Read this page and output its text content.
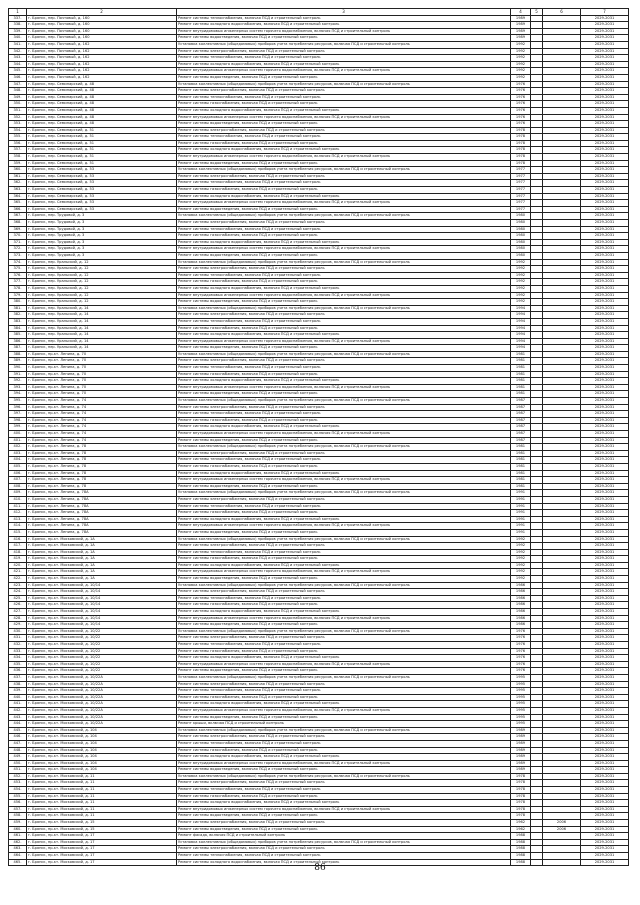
1	2	3	4	5	6	7
337.	г. Брянск, пер. Почтовый, д. 160	Ремонт системы теплоснабжения, включая ПСД и строительный контроль	1989			2029-2031
338.	г. Брянск, пер. Почтовый, д. 160	Ремонт системы холодного водоснабжения, включая ПСД и строительный контроль	1989			2029-2031
339.	г. Брянск, пер. Почтовый, д. 160	Ремонт внутридомовых инженерных систем горячего водоснабжения, включая ПСД и строительный контроль	1989			2029-2031
340.	г. Брянск, пер. Почтовый, д. 160	Ремонт системы водоотведения, включая ПСД и строительный контроль	1989			2029-2031
341.	г. Брянск, пер. Почтовый, д. 162	Установка коллективных (общедомовых) приборов учета потребления ресурсов, включая ПСД и строительный контроль	1992			2029-2031
342.	г. Брянск, пер. Почтовый, д. 162	Ремонт системы электроснабжения, включая ПСД и строительный контроль	1992			2029-2031
343.	г. Брянск, пер. Почтовый, д. 162	Ремонт системы теплоснабжения, включая ПСД и строительный контроль	1992			2029-2031
344.	г. Брянск, пер. Почтовый, д. 162	Ремонт системы холодного водоснабжения, включая ПСД и строительный контроль	1992			2029-2031
345.	г. Брянск, пер. Почтовый, д. 162	Ремонт внутридомовых инженерных систем горячего водоснабжения, включая ПСД и строительный контроль	1992			2029-2031
346.	г. Брянск, пер. Почтовый, д. 162	Ремонт системы водоотведения, включая ПСД и строительный контроль	1992			2029-2031
347.	г. Брянск, пер. Семинарский, д. 48	Установка коллективных (общедомовых) приборов учета потребления ресурсов, включая ПСД и строительный контроль	1976			2029-2031
348.	г. Брянск, пер. Семинарский, д. 48	Ремонт системы электроснабжения, включая ПСД и строительный контроль	1976			2029-2031
349.	г. Брянск, пер. Семинарский, д. 48	Ремонт системы теплоснабжения, включая ПСД и строительный контроль	1976			2029-2031
350.	г. Брянск, пер. Семинарский, д. 48	Ремонт системы газоснабжения, включая ПСД и строительный контроль	1976			2029-2031
351.	г. Брянск, пер. Семинарский, д. 48	Ремонт системы холодного водоснабжения, включая ПСД и строительный контроль	1976			2029-2031
352.	г. Брянск, пер. Семинарский, д. 48	Ремонт внутридомовых инженерных систем горячего водоснабжения, включая ПСД и строительный контроль	1976			2029-2031
353.	г. Брянск, пер. Семинарский, д. 48	Ремонт системы водоотведения, включая ПСД и строительный контроль	1976			2029-2031
354.	г. Брянск, пер. Семинарский, д. 51	Ремонт системы электроснабжения, включая ПСД и строительный контроль	1978			2029-2031
355.	г. Брянск, пер. Семинарский, д. 51	Ремонт системы теплоснабжения, включая ПСД и строительный контроль	1978			2029-2031
356.	г. Брянск, пер. Семинарский, д. 51	Ремонт системы газоснабжения, включая ПСД и строительный контроль	1978			2029-2031
357.	г. Брянск, пер. Семинарский, д. 51	Ремонт системы холодного водоснабжения, включая ПСД и строительный контроль	1978			2029-2031
358.	г. Брянск, пер. Семинарский, д. 51	Ремонт внутридомовых инженерных систем горячего водоснабжения, включая ПСД и строительный контроль	1978			2029-2031
359.	г. Брянск, пер. Семинарский, д. 51	Ремонт системы водоотведения, включая ПСД и строительный контроль	1978			2029-2031
360.	г. Брянск, пер. Семинарский, д. 53	Установка коллективных (общедомовых) приборов учета потребления ресурсов, включая ПСД и строительный контроль	1977			2029-2031
361.	г. Брянск, пер. Семинарский, д. 53	Ремонт системы электроснабжения, включая ПСД и строительный контроль	1977			2029-2031
362.	г. Брянск, пер. Семинарский, д. 53	Ремонт системы теплоснабжения, включая ПСД и строительный контроль	1977			2029-2031
363.	г. Брянск, пер. Семинарский, д. 53	Ремонт системы газоснабжения, включая ПСД и строительный контроль	1977			2029-2031
364.	г. Брянск, пер. Семинарский, д. 53	Ремонт системы холодного водоснабжения, включая ПСД и строительный контроль	1977			2029-2031
365.	г. Брянск, пер. Семинарский, д. 53	Ремонт внутридомовых инженерных систем горячего водоснабжения, включая ПСД и строительный контроль	1977			2029-2031
366.	г. Брянск, пер. Семинарский, д. 53	Ремонт системы водоотведения, включая ПСД и строительный контроль	1977			2029-2031
367.	г. Брянск, пер. Трудовой, д. 3	Установка коллективных (общедомовых) приборов учета потребления ресурсов, включая ПСД и строительный контроль	1980			2029-2031
368.	г. Брянск, пер. Трудовой, д. 3	Ремонт системы электроснабжения, включая ПСД и строительный контроль	1980			2029-2031
369.	г. Брянск, пер. Трудовой, д. 3	Ремонт системы теплоснабжения, включая ПСД и строительный контроль	1980			2029-2031
370.	г. Брянск, пер. Трудовой, д. 3	Ремонт системы газоснабжения, включая ПСД и строительный контроль	1980			2029-2031
371.	г. Брянск, пер. Трудовой, д. 3	Ремонт системы холодного водоснабжения, включая ПСД и строительный контроль	1980			2029-2031
372.	г. Брянск, пер. Трудовой, д. 3	Ремонт внутридомовых инженерных систем горячего водоснабжения, включая ПСД и строительный контроль	1980			2029-2031
373.	г. Брянск, пер. Трудовой, д. 3	Ремонт системы водоотведения, включая ПСД и строительный контроль	1980			2029-2031
374.	г. Брянск, пер. Уральский, д. 12	Установка коллективных (общедомовых) приборов учета потребления ресурсов, включая ПСД и строительный контроль	1992			2029-2031
375.	г. Брянск, пер. Уральский, д. 12	Ремонт системы электроснабжения, включая ПСД и строительный контроль	1992			2029-2031
376.	г. Брянск, пер. Уральский, д. 12	Ремонт системы теплоснабжения, включая ПСД и строительный контроль	1992			2029-2031
377.	г. Брянск, пер. Уральский, д. 12	Ремонт системы газоснабжения, включая ПСД и строительный контроль	1992			2029-2031
378.	г. Брянск, пер. Уральский, д. 12	Ремонт системы холодного водоснабжения, включая ПСД и строительный контроль	1992			2029-2031
379.	г. Брянск, пер. Уральский, д. 12	Ремонт внутридомовых инженерных систем горячего водоснабжения, включая ПСД и строительный контроль	1992			2029-2031
380.	г. Брянск, пер. Уральский, д. 12	Ремонт системы водоотведения, включая ПСД и строительный контроль	1992			2029-2031
381.	г. Брянск, пер. Уральский, д. 14	Установка коллективных (общедомовых) приборов учета потребления ресурсов, включая ПСД и строительный контроль	1994			2029-2031
382.	г. Брянск, пер. Уральский, д. 14	Ремонт системы электроснабжения, включая ПСД и строительный контроль	1994			2029-2031
383.	г. Брянск, пер. Уральский, д. 14	Ремонт системы теплоснабжения, включая ПСД и строительный контроль	1994			2029-2031
384.	г. Брянск, пер. Уральский, д. 14	Ремонт системы газоснабжения, включая ПСД и строительный контроль	1994			2029-2031
385.	г. Брянск, пер. Уральский, д. 14	Ремонт системы холодного водоснабжения, включая ПСД и строительный контроль	1994			2029-2031
386.	г. Брянск, пер. Уральский, д. 14	Ремонт внутридомовых инженерных систем горячего водоснабжения, включая ПСД и строительный контроль	1994			2029-2031
387.	г. Брянск, пер. Уральский, д. 14	Ремонт системы водоотведения, включая ПСД и строительный контроль	1994			2029-2031
388.	г. Брянск, пр-кт. Ленина, д. 70	Установка коллективных (общедомовых) приборов учета потребления ресурсов, включая ПСД и строительный контроль	1981			2029-2031
389.	г. Брянск, пр-кт. Ленина, д. 70	Ремонт системы электроснабжения, включая ПСД и строительный контроль	1981			2029-2031
390.	г. Брянск, пр-кт. Ленина, д. 70	Ремонт системы теплоснабжения, включая ПСД и строительный контроль	1981			2029-2031
391.	г. Брянск, пр-кт. Ленина, д. 70	Ремонт системы газоснабжения, включая ПСД и строительный контроль	1981			2029-2031
392.	г. Брянск, пр-кт. Ленина, д. 70	Ремонт системы холодного водоснабжения, включая ПСД и строительный контроль	1981			2029-2031
393.	г. Брянск, пр-кт. Ленина, д. 70	Ремонт внутридомовых инженерных систем горячего водоснабжения, включая ПСД и строительный контроль	1981			2029-2031
394.	г. Брянск, пр-кт. Ленина, д. 70	Ремонт системы водоотведения, включая ПСД и строительный контроль	1981			2029-2031
395.	г. Брянск, пр-кт. Ленина, д. 74	Установка коллективных (общедомовых) приборов учета потребления ресурсов, включая ПСД и строительный контроль	1987			2029-2031
396.	г. Брянск, пр-кт. Ленина, д. 74	Ремонт системы электроснабжения, включая ПСД и строительный контроль	1987			2029-2031
397.	г. Брянск, пр-кт. Ленина, д. 74	Ремонт системы теплоснабжения, включая ПСД и строительный контроль	1987			2029-2031
398.	г. Брянск, пр-кт. Ленина, д. 74	Ремонт системы газоснабжения, включая ПСД и строительный контроль	1987			2029-2031
399.	г. Брянск, пр-кт. Ленина, д. 74	Ремонт системы холодного водоснабжения, включая ПСД и строительный контроль	1987			2029-2031
400.	г. Брянск, пр-кт. Ленина, д. 74	Ремонт внутридомовых инженерных систем горячего водоснабжения, включая ПСД и строительный контроль	1987			2029-2031
401.	г. Брянск, пр-кт. Ленина, д. 74	Ремонт системы водоотведения, включая ПСД и строительный контроль	1987			2029-2031
402.	г. Брянск, пр-кт. Ленина, д. 78	Установка коллективных (общедомовых) приборов учета потребления ресурсов, включая ПСД и строительный контроль	1981			2029-2031
403.	г. Брянск, пр-кт. Ленина, д. 78	Ремонт системы электроснабжения, включая ПСД и строительный контроль	1981			2029-2031
404.	г. Брянск, пр-кт. Ленина, д. 78	Ремонт системы теплоснабжения, включая ПСД и строительный контроль	1981			2029-2031
405.	г. Брянск, пр-кт. Ленина, д. 78	Ремонт системы газоснабжения, включая ПСД и строительный контроль	1981			2029-2031
406.	г. Брянск, пр-кт. Ленина, д. 78	Ремонт системы холодного водоснабжения, включая ПСД и строительный контроль	1981			2029-2031
407.	г. Брянск, пр-кт. Ленина, д. 78	Ремонт внутридомовых инженерных систем горячего водоснабжения, включая ПСД и строительный контроль	1981			2029-2031
408.	г. Брянск, пр-кт. Ленина, д. 78	Ремонт системы водоотведения, включая ПСД и строительный контроль	1981			2029-2031
409.	г. Брянск, пр-кт. Ленина, д. 78А	Установка коллективных (общедомовых) приборов учета потребления ресурсов, включая ПСД и строительный контроль	1991			2029-2031
410.	г. Брянск, пр-кт. Ленина, д. 78А	Ремонт системы электроснабжения, включая ПСД и строительный контроль	1991			2029-2031
411.	г. Брянск, пр-кт. Ленина, д. 78А	Ремонт системы теплоснабжения, включая ПСД и строительный контроль	1991			2029-2031
412.	г. Брянск, пр-кт. Ленина, д. 78А	Ремонт системы газоснабжения, включая ПСД и строительный контроль	1991			2029-2031
413.	г. Брянск, пр-кт. Ленина, д. 78А	Ремонт системы холодного водоснабжения, включая ПСД и строительный контроль	1991			2029-2031
414.	г. Брянск, пр-кт. Ленина, д. 78А	Ремонт внутридомовых инженерных систем горячего водоснабжения, включая ПСД и строительный контроль	1991			2029-2031
415.	г. Брянск, пр-кт. Ленина, д. 78А	Ремонт системы водоотведения, включая ПСД и строительный контроль	1991			2029-2031
416.	г. Брянск, пр-кт. Московский, д. 1А	Установка коллективных (общедомовых) приборов учета потребления ресурсов, включая ПСД и строительный контроль	1992			2029-2031
417.	г. Брянск, пр-кт. Московский, д. 1А	Ремонт системы электроснабжения, включая ПСД и строительный контроль	1992			2029-2031
418.	г. Брянск, пр-кт. Московский, д. 1А	Ремонт системы теплоснабжения, включая ПСД и строительный контроль	1992			2029-2031
419.	г. Брянск, пр-кт. Московский, д. 1А	Ремонт системы газоснабжения, включая ПСД и строительный контроль	1992			2029-2031
420.	г. Брянск, пр-кт. Московский, д. 1А	Ремонт системы холодного водоснабжения, включая ПСД и строительный контроль	1992			2029-2031
421.	г. Брянск, пр-кт. Московский, д. 1А	Ремонт внутридомовых инженерных систем горячего водоснабжения, включая ПСД и строительный контроль	1992			2029-2031
422.	г. Брянск, пр-кт. Московский, д. 1А	Ремонт системы водоотведения, включая ПСД и строительный контроль	1992			2029-2031
423.	г. Брянск, пр-кт. Московский, д. 10/14	Установка коллективных (общедомовых) приборов учета потребления ресурсов, включая ПСД и строительный контроль	1986			2029-2031
424.	г. Брянск, пр-кт. Московский, д. 10/14	Ремонт системы электроснабжения, включая ПСД и строительный контроль	1986			2029-2031
425.	г. Брянск, пр-кт. Московский, д. 10/14	Ремонт системы теплоснабжения, включая ПСД и строительный контроль	1986			2029-2031
426.	г. Брянск, пр-кт. Московский, д. 10/14	Ремонт системы газоснабжения, включая ПСД и строительный контроль	1986			2029-2031
427.	г. Брянск, пр-кт. Московский, д. 10/14	Ремонт системы холодного водоснабжения, включая ПСД и строительный контроль	1986			2029-2031
428.	г. Брянск, пр-кт. Московский, д. 10/14	Ремонт внутридомовых инженерных систем горячего водоснабжения, включая ПСД и строительный контроль	1986			2029-2031
429.	г. Брянск, пр-кт. Московский, д. 10/14	Ремонт системы водоотведения, включая ПСД и строительный контроль	1986			2029-2031
430.	г. Брянск, пр-кт. Московский, д. 10/22	Установка коллективных (общедомовых) приборов учета потребления ресурсов, включая ПСД и строительный контроль	1976			2029-2031
431.	г. Брянск, пр-кт. Московский, д. 10/22	Ремонт системы электроснабжения, включая ПСД и строительный контроль	1976			2029-2031
432.	г. Брянск, пр-кт. Московский, д. 10/22	Ремонт системы теплоснабжения, включая ПСД и строительный контроль	1976			2029-2031
433.	г. Брянск, пр-кт. Московский, д. 10/22	Ремонт системы газоснабжения, включая ПСД и строительный контроль	1976			2029-2031
434.	г. Брянск, пр-кт. Московский, д. 10/22	Ремонт системы холодного водоснабжения, включая ПСД и строительный контроль	1976			2029-2031
435.	г. Брянск, пр-кт. Московский, д. 10/22	Ремонт внутридомовых инженерных систем горячего водоснабжения, включая ПСД и строительный контроль	1976			2029-2031
436.	г. Брянск, пр-кт. Московский, д. 10/22	Ремонт системы водоотведения, включая ПСД и строительный контроль	1976			2029-2031
437.	г. Брянск, пр-кт. Московский, д. 10/22А	Установка коллективных (общедомовых) приборов учета потребления ресурсов, включая ПСД и строительный контроль	1995			2029-2031
438.	г. Брянск, пр-кт. Московский, д. 10/22А	Ремонт системы электроснабжения, включая ПСД и строительный контроль	1995			2029-2031
439.	г. Брянск, пр-кт. Московский, д. 10/22А	Ремонт системы теплоснабжения, включая ПСД и строительный контроль	1995			2029-2031
440.	г. Брянск, пр-кт. Московский, д. 10/22А	Ремонт системы газоснабжения, включая ПСД и строительный контроль	1995			2029-2031
441.	г. Брянск, пр-кт. Московский, д. 10/22А	Ремонт системы холодного водоснабжения, включая ПСД и строительный контроль	1995			2029-2031
442.	г. Брянск, пр-кт. Московский, д. 10/22А	Ремонт внутридомовых инженерных систем горячего водоснабжения, включая ПСД и строительный контроль	1995			2029-2031
443.	г. Брянск, пр-кт. Московский, д. 10/22А	Ремонт системы водоотведения, включая ПСД и строительный контроль	1995			2029-2031
444.	г. Брянск, пр-кт. Московский, д. 10/22А	Ремонт крыши, включая ПСД и строительный контроль	1995			2029-2031
445.	г. Брянск, пр-кт. Московский, д. 104	Установка коллективных (общедомовых) приборов учета потребления ресурсов, включая ПСД и строительный контроль	1989			2029-2031
446.	г. Брянск, пр-кт. Московский, д. 104	Ремонт системы электроснабжения, включая ПСД и строительный контроль	1989			2029-2031
447.	г. Брянск, пр-кт. Московский, д. 104	Ремонт системы теплоснабжения, включая ПСД и строительный контроль	1989			2029-2031
448.	г. Брянск, пр-кт. Московский, д. 104	Ремонт системы газоснабжения, включая ПСД и строительный контроль	1989			2029-2031
449.	г. Брянск, пр-кт. Московский, д. 104	Ремонт системы холодного водоснабжения, включая ПСД и строительный контроль	1989			2029-2031
450.	г. Брянск, пр-кт. Московский, д. 104	Ремонт внутридомовых инженерных систем горячего водоснабжения, включая ПСД и строительный контроль	1989			2029-2031
451.	г. Брянск, пр-кт. Московский, д. 104	Ремонт системы водоотведения, включая ПСД и строительный контроль	1989			2029-2031
452.	г. Брянск, пр-кт. Московский, д. 11	Установка коллективных (общедомовых) приборов учета потребления ресурсов, включая ПСД и строительный контроль	1978			2029-2031
453.	г. Брянск, пр-кт. Московский, д. 11	Ремонт системы электроснабжения, включая ПСД и строительный контроль	1978			2029-2031
454.	г. Брянск, пр-кт. Московский, д. 11	Ремонт системы теплоснабжения, включая ПСД и строительный контроль	1978			2029-2031
455.	г. Брянск, пр-кт. Московский, д. 11	Ремонт системы газоснабжения, включая ПСД и строительный контроль	1978			2029-2031
456.	г. Брянск, пр-кт. Московский, д. 11	Ремонт системы холодного водоснабжения, включая ПСД и строительный контроль	1978			2029-2031
457.	г. Брянск, пр-кт. Московский, д. 11	Ремонт внутридомовых инженерных систем горячего водоснабжения, включая ПСД и строительный контроль	1978			2029-2031
458.	г. Брянск, пр-кт. Московский, д. 11	Ремонт системы водоотведения, включая ПСД и строительный контроль	1978			2029-2031
459.	г. Брянск, пр-кт. Московский, д. 15	Ремонт системы электроснабжения, включая ПСД и строительный контроль	1962		2006	2029-2031
460.	г. Брянск, пр-кт. Московский, д. 15	Ремонт системы водоотведения, включая ПСД и строительный контроль	1962		2006	2029-2031
461.	г. Брянск, пр-кт. Московский, д. 17	Ремонт фасада, включая ПСД и строительный контроль	1988			2029-2031
462.	г. Брянск, пр-кт. Московский, д. 17	Установка коллективных (общедомовых) приборов учета потребления ресурсов, включая ПСД и строительный контроль	1988			2029-2031
463.	г. Брянск, пр-кт. Московский, д. 17	Ремонт системы электроснабжения, включая ПСД и строительный контроль	1988			2029-2031
464.	г. Брянск, пр-кт. Московский, д. 17	Ремонт системы теплоснабжения, включая ПСД и строительный контроль	1988			2029-2031
465.	г. Брянск, пр-кт. Московский, д. 17	Ремонт системы холодного водоснабжения, включая ПСД и строительный контроль	1988			2029-2031
86
